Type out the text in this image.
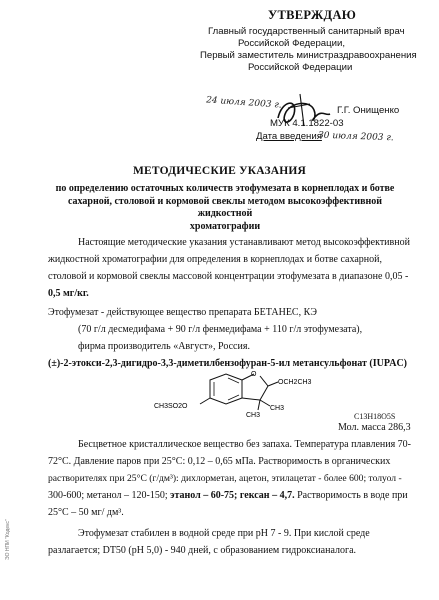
УТВЕРЖДАЮ
Главный государственный санитарный врач
Российской Федерации,
Первый заместитель министраздравоохранения
Российской Федерации
24 июля 2003 г.	Г.Г. Онищенко
МУК 4.1.1822-03
Дата введения
30 июля 2003 г.
МЕТОДИЧЕСКИЕ УКАЗАНИЯ
по определению остаточных количеств этофумезата в корнеплодах и ботве
сахарной, столовой и кормовой свеклы методом высокоэффективной жидкостной
хроматографии
Настоящие методические указания устанавливают метод высокоэффективной
жидкостной хроматографии для определения в корнеплодах и ботве сахарной,
столовой и кормовой свеклы массовой концентрации этофумезата в диапазоне 0,05 -
0,5 мг/кг.
Этофумезат - действующее вещество препарата БЕТАНЕС, КЭ
(70 г/л десмедифама + 90 г/л фенмедифама + 110 г/л этофумезата),
фирма производитель «Август», Россия.
(±)-2-этокси-2,3-дигидро-3,3-диметилбензофуран-5-ил метансульфонат (IUPAC)
O
OCH2CH3
CH3SO2O
CH3
CH3
C13H18O5S
Мол. масса 286,3
Бесцветное кристаллическое вещество без запаха. Температура плавления 70-
72°С. Давление паров при 25°С: 0,12 – 0,65 мПа. Растворимость в органических
растворителях при 25°С (г/дм³): дихлорметан, ацетон, этилацетат - более 600; толуол -
300-600; метанол – 120-150; этанол – 60-75; гексан – 4,7. Растворимость в воде при
25°С – 50 мг/ дм³.
Этофумезат стабилен в водной среде при рН 7 - 9. При кислой среде
разлагается; DT50 (pH 5,0) - 940 дней, с образованием гидроксианалога.
ЭО НПИ "Кодекс"
